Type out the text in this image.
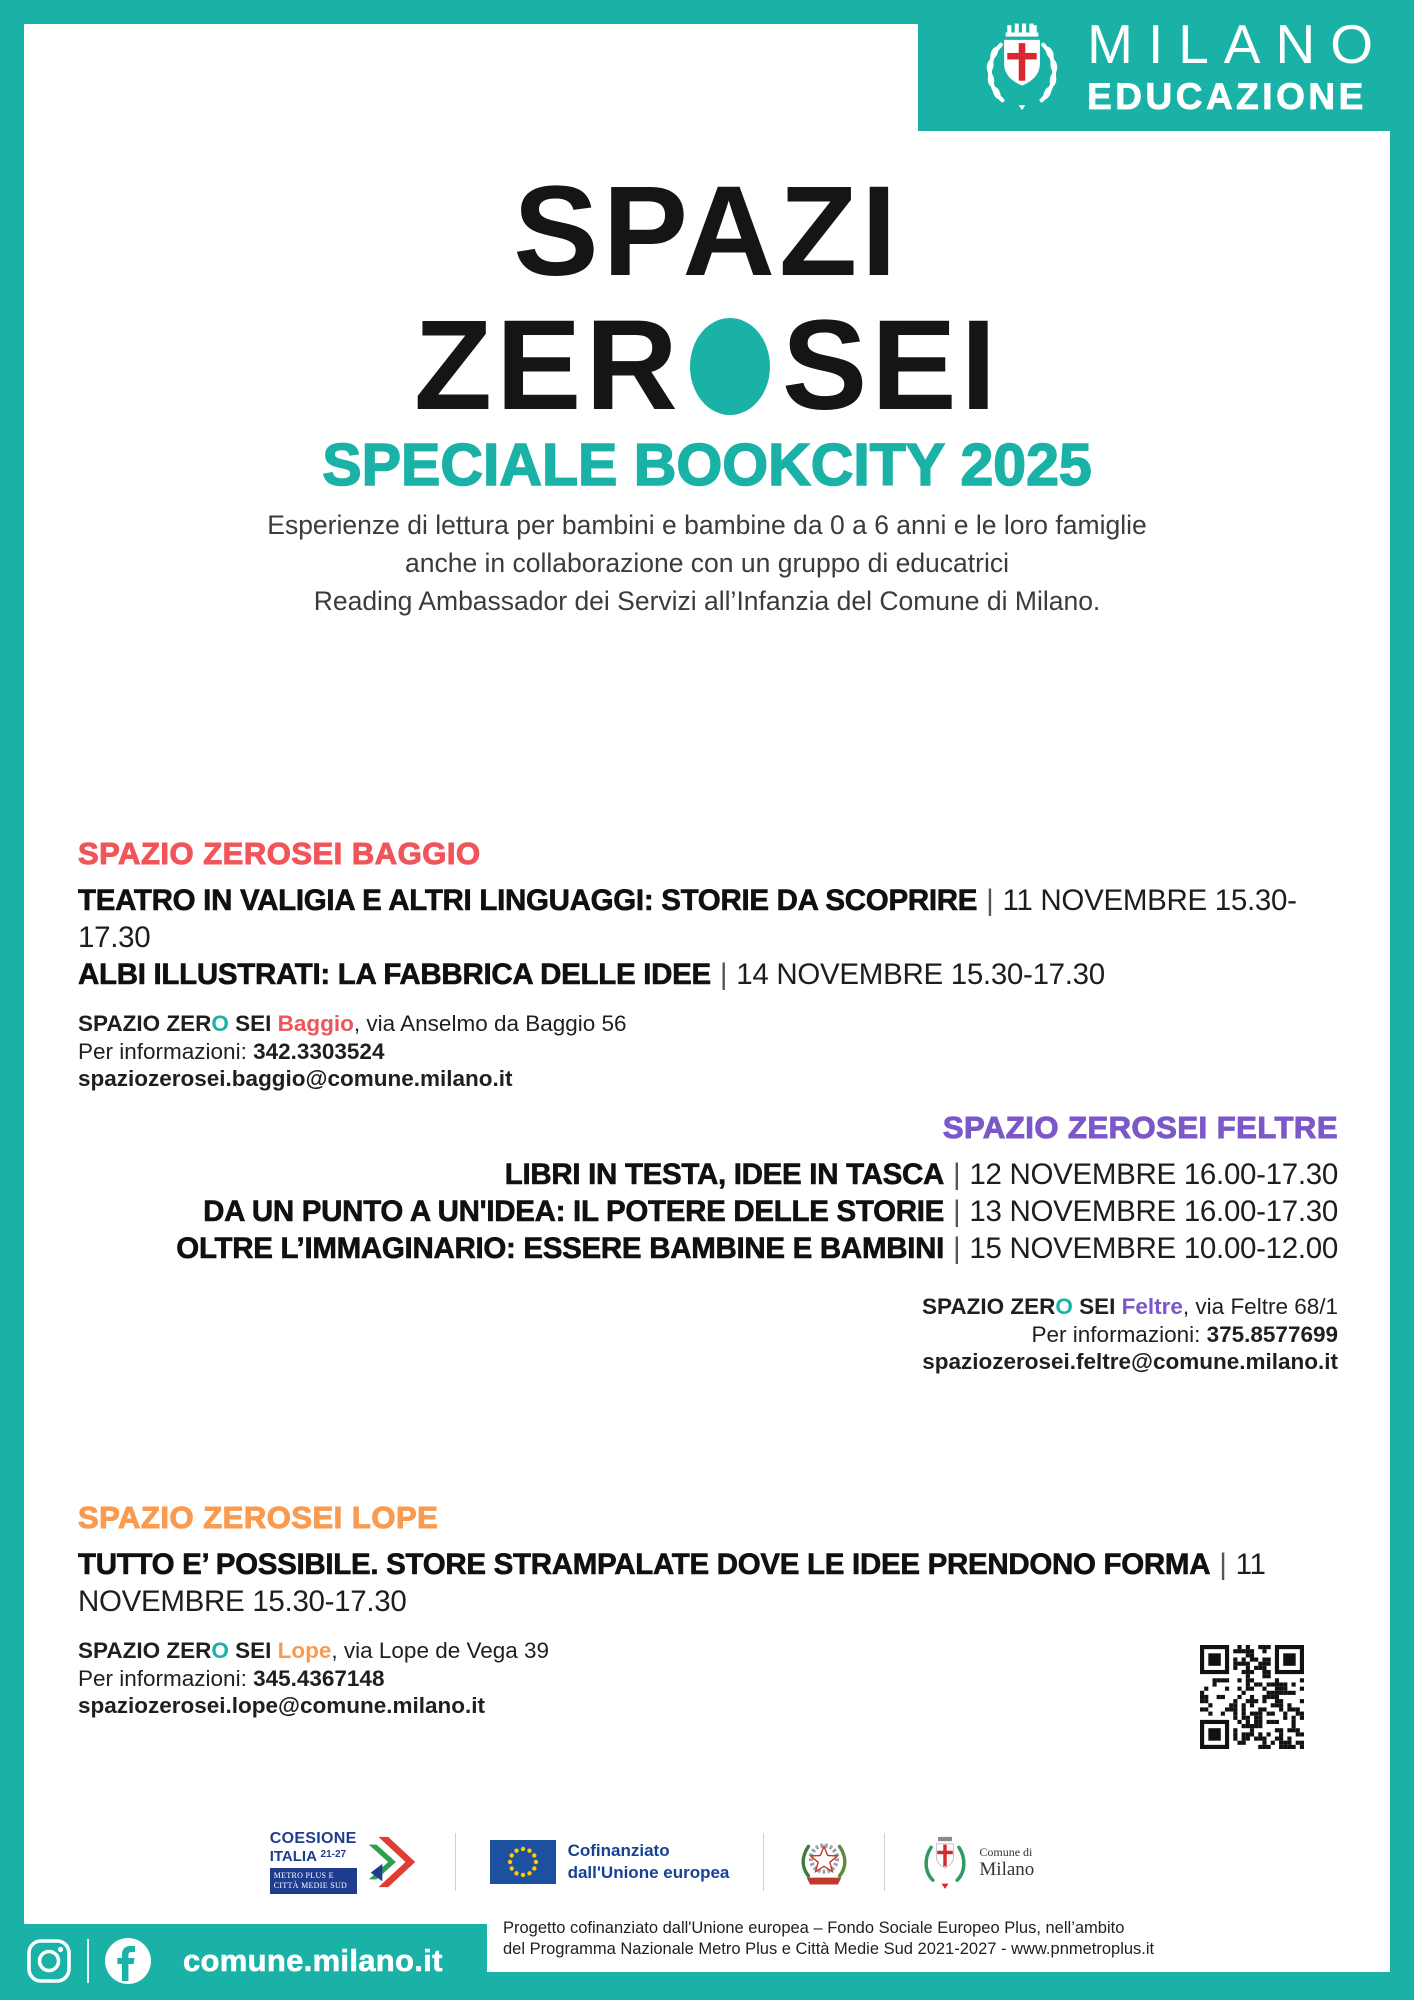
MILANO
EDUCAZIONE
SPAZI
ZER SEI
SPECIALE BOOKCITY 2025
Esperienze di lettura per bambini e bambine da 0 a 6 anni e le loro famiglie
anche in collaborazione con un gruppo di educatrici
Reading Ambassador dei Servizi all’Infanzia del Comune di Milano.
SPAZIO ZEROSEI BAGGIO
TEATRO IN VALIGIA E ALTRI LINGUAGGI: STORIE DA SCOPRIRE | 11 NOVEMBRE 15.30-17.30
ALBI ILLUSTRATI: LA FABBRICA DELLE IDEE | 14 NOVEMBRE 15.30-17.30
SPAZIO ZERO SEI Baggio, via Anselmo da Baggio 56
Per informazioni: 342.3303524
spaziozerosei.baggio@comune.milano.it
SPAZIO ZEROSEI FELTRE
LIBRI IN TESTA, IDEE IN TASCA | 12 NOVEMBRE 16.00-17.30
DA UN PUNTO A UN'IDEA: IL POTERE DELLE STORIE | 13 NOVEMBRE 16.00-17.30
OLTRE L’IMMAGINARIO: ESSERE BAMBINE E BAMBINI | 15 NOVEMBRE 10.00-12.00
SPAZIO ZERO SEI Feltre, via Feltre 68/1
Per informazioni: 375.8577699
spaziozerosei.feltre@comune.milano.it
SPAZIO ZEROSEI LOPE
TUTTO E’ POSSIBILE. STORE STRAMPALATE DOVE LE IDEE PRENDONO FORMA | 11 NOVEMBRE 15.30-17.30
SPAZIO ZERO SEI Lope, via Lope de Vega 39
Per informazioni: 345.4367148
spaziozerosei.lope@comune.milano.it
COESIONE
ITALIA $^{21-27}$
METRO PLUS E
CITTÀ MEDIE SUD
Cofinanziato
dall'Unione europea
Comune di
Milano
comune.milano.it
Progetto cofinanziato dall'Unione europea – Fondo Sociale Europeo Plus, nell’ambito
del Programma Nazionale Metro Plus e Città Medie Sud 2021-2027 - www.pnmetroplus.it
